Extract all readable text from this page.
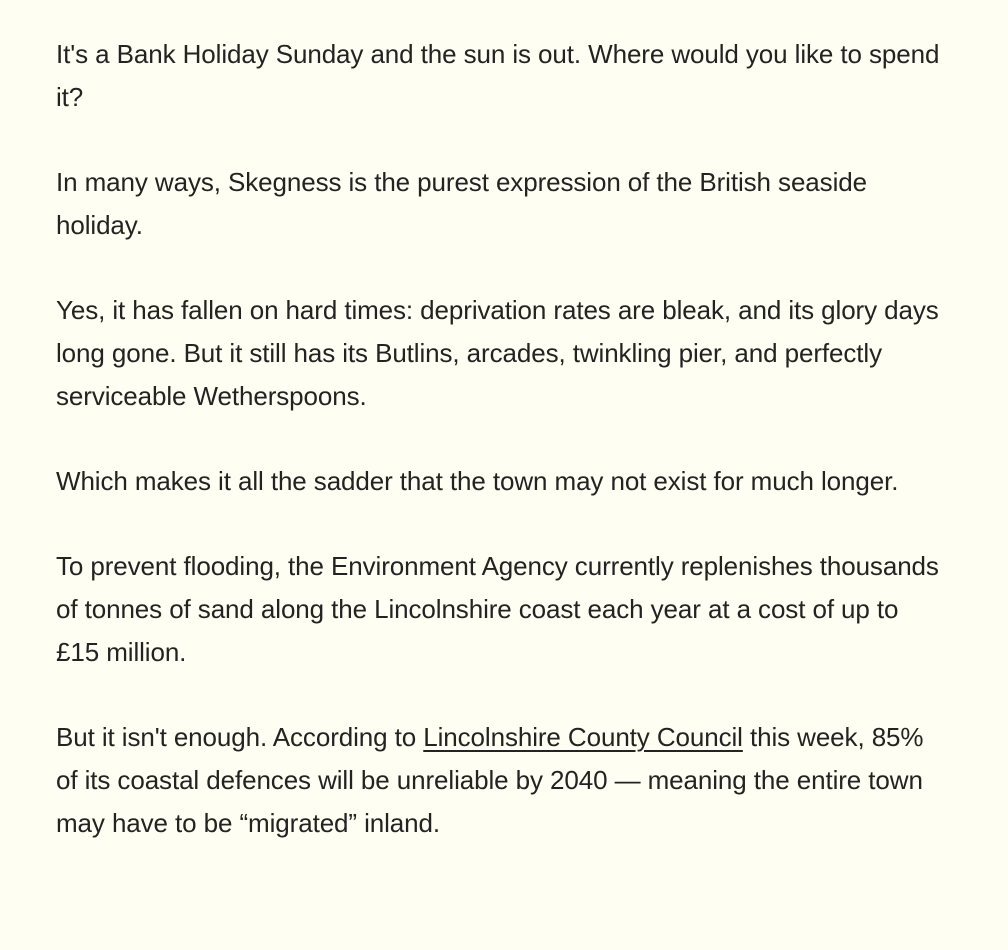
It's a Bank Holiday Sunday and the sun is out. Where would you like to spend it?

In many ways, Skegness is the purest expression of the British seaside holiday.

Yes, it has fallen on hard times: deprivation rates are bleak, and its glory days long gone. But it still has its Butlins, arcades, twinkling pier, and perfectly serviceable Wetherspoons.

Which makes it all the sadder that the town may not exist for much longer.

To prevent flooding, the Environment Agency currently replenishes thousands of tonnes of sand along the Lincolnshire coast each year at a cost of up to £15 million.

But it isn't enough. According to Lincolnshire County Council this week, 85% of its coastal defences will be unreliable by 2040 — meaning the entire town may have to be “migrated” inland.
